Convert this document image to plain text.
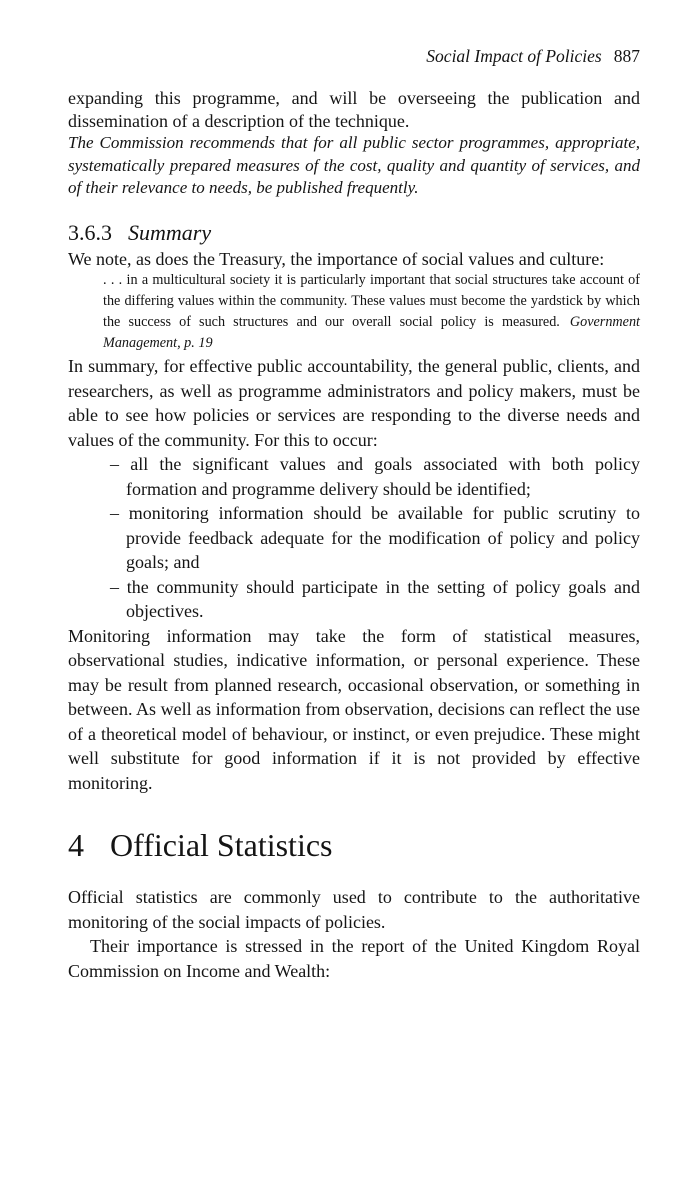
Social Impact of Policies 887

expanding this programme, and will be overseeing the publication and dissemination of a description of the technique.

The Commission recommends that for all public sector programmes, appropriate, systematically prepared measures of the cost, quality and quantity of services, and of their relevance to needs, be published frequently.

3.6.3 Summary

We note, as does the Treasury, the importance of social values and culture:

. . . in a multicultural society it is particularly important that social structures take account of the differing values within the community. These values must become the yardstick by which the success of such structures and our overall social policy is measured. Government Management, p. 19

In summary, for effective public accountability, the general public, clients, and researchers, as well as programme administrators and policy makers, must be able to see how policies or services are responding to the diverse needs and values of the community. For this to occur:

– all the significant values and goals associated with both policy formation and programme delivery should be identified;
– monitoring information should be available for public scrutiny to provide feedback adequate for the modification of policy and policy goals; and
– the community should participate in the setting of policy goals and objectives.

Monitoring information may take the form of statistical measures, observational studies, indicative information, or personal experience. These may be result from planned research, occasional observation, or something in between. As well as information from observation, decisions can reflect the use of a theoretical model of behaviour, or instinct, or even prejudice. These might well substitute for good information if it is not provided by effective monitoring.

4 Official Statistics

Official statistics are commonly used to contribute to the authoritative monitoring of the social impacts of policies.

Their importance is stressed in the report of the United Kingdom Royal Commission on Income and Wealth:
